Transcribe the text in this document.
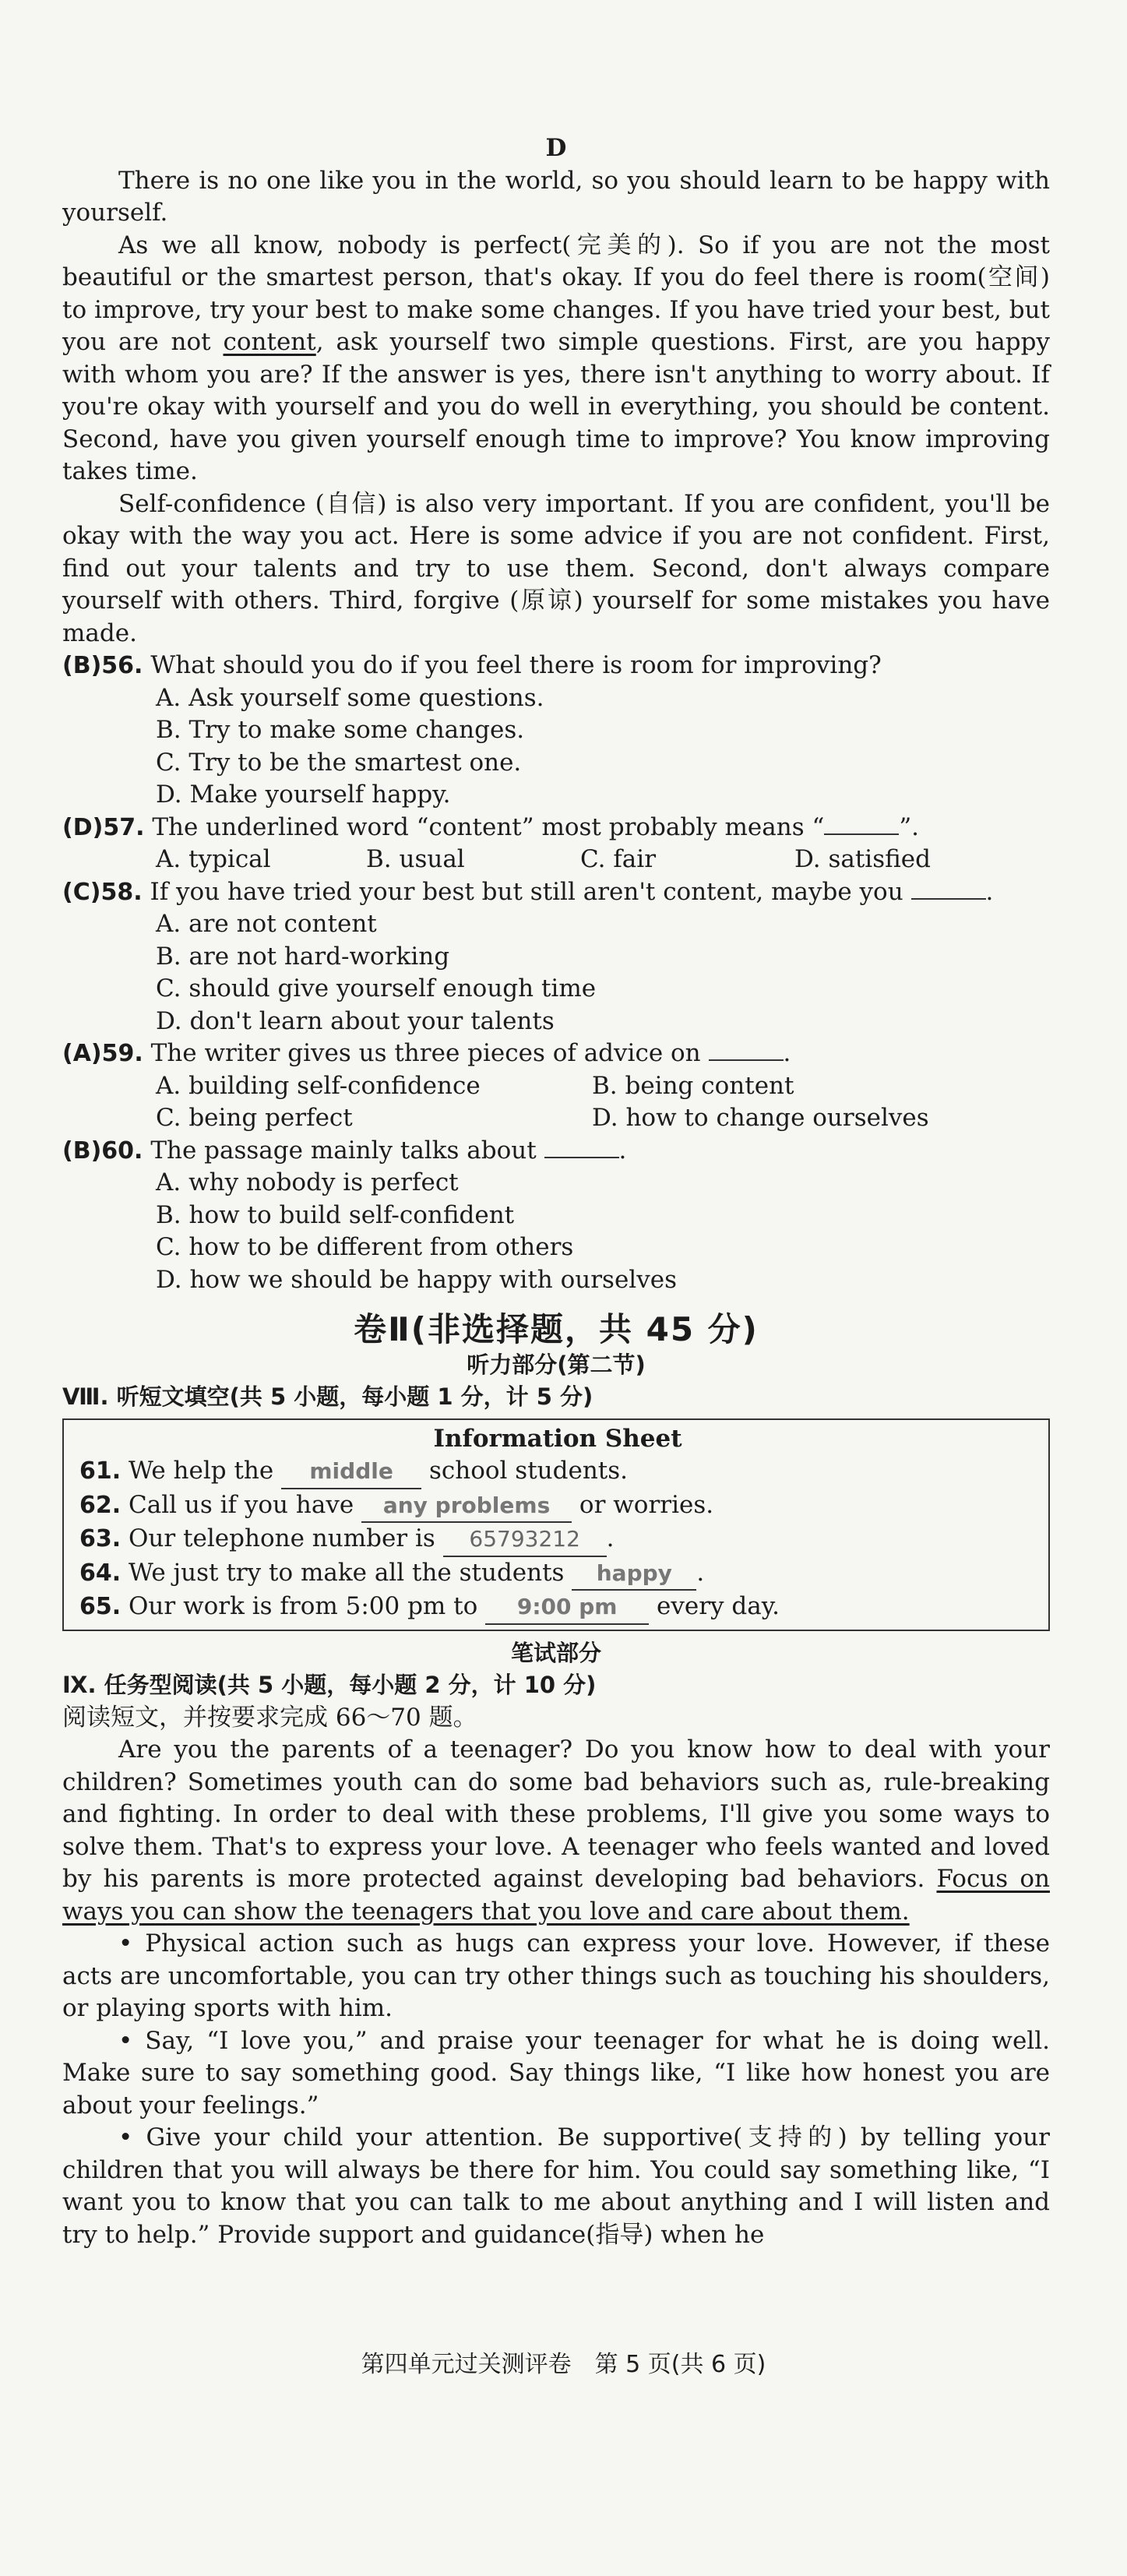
D

There is no one like you in the world, so you should learn to be happy with yourself.

As we all know, nobody is perfect(完美的). So if you are not the most beautiful or the smartest person, that's okay. If you do feel there is room(空间) to improve, try your best to make some changes. If you have tried your best, but you are not content, ask yourself two simple questions. First, are you happy with whom you are? If the answer is yes, there isn't anything to worry about. If you're okay with yourself and you do well in everything, you should be content. Second, have you given yourself enough time to improve? You know improving takes time.

Self-confidence (自信) is also very important. If you are confident, you'll be okay with the way you act. Here is some advice if you are not confident. First, find out your talents and try to use them. Second, don't always compare yourself with others. Third, forgive (原谅) yourself for some mistakes you have made.

(B)56. What should you do if you feel there is room for improving?

A. Ask yourself some questions.

B. Try to make some changes.

C. Try to be the smartest one.

D. Make yourself happy.

(D)57. The underlined word “content” most probably means “	”.

A. typical	B. usual	C. fair	D. satisfied

(C)58. If you have tried your best but still aren't content, maybe you	.

A. are not content

B. are not hard-working

C. should give yourself enough time

D. don't learn about your talents

(A)59. The writer gives us three pieces of advice on	.

A. building self-confidence	B. being content
C. being perfect	D. how to change ourselves

(B)60. The passage mainly talks about	.

A. why nobody is perfect

B. how to build self-confident

C. how to be different from others

D. how we should be happy with ourselves

卷Ⅱ(非选择题，共 45 分)

听力部分(第二节)

Ⅷ. 听短文填空(共 5 小题，每小题 1 分，计 5 分)

Information Sheet

61. We help the middle school students.

62. Call us if you have any problems or worries.

63. Our telephone number is 65793212 .

64. We just try to make all the students happy .

65. Our work is from 5:00 pm to 9:00 pm every day.

笔试部分

Ⅸ. 任务型阅读(共 5 小题，每小题 2 分，计 10 分)

阅读短文，并按要求完成 66～70 题。

Are you the parents of a teenager? Do you know how to deal with your children? Sometimes youth can do some bad behaviors such as, rule-breaking and fighting. In order to deal with these problems, I'll give you some ways to solve them. That's to express your love. A teenager who feels wanted and loved by his parents is more protected against developing bad behaviors. Focus on ways you can show the teenagers that you love and care about them.

• Physical action such as hugs can express your love. However, if these acts are uncomfortable, you can try other things such as touching his shoulders, or playing sports with him.

• Say, “I love you,” and praise your teenager for what he is doing well. Make sure to say something good. Say things like, “I like how honest you are about your feelings.”

• Give your child your attention. Be supportive(支持的) by telling your children that you will always be there for him. You could say something like, “I want you to know that you can talk to me about anything and I will listen and try to help.” Provide support and guidance(指导) when he

第四单元过关测评卷　第 5 页(共 6 页)
